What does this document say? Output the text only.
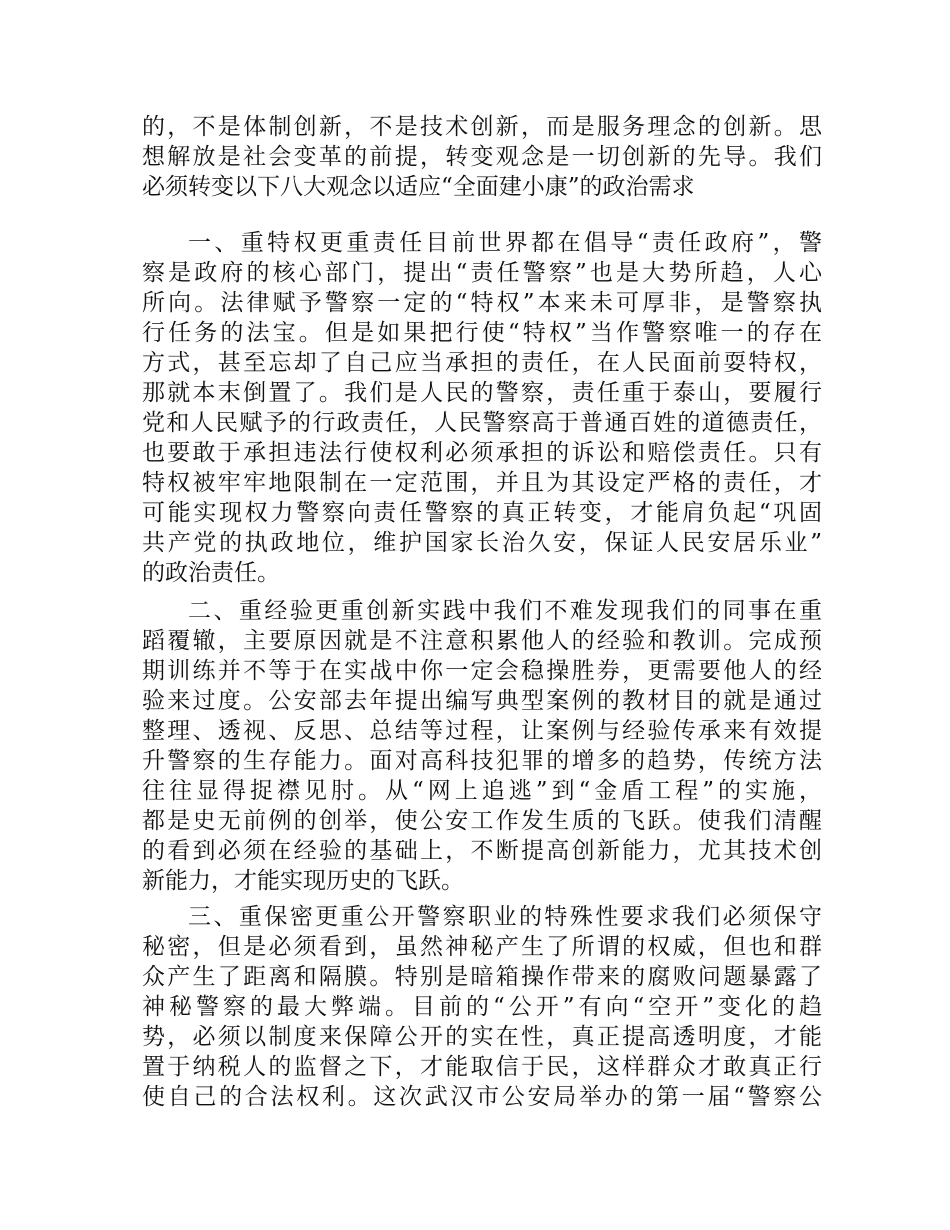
的，不是体制创新，不是技术创新，而是服务理念的创新。思
想解放是社会变革的前提，转变观念是一切创新的先导。我们
必须转变以下八大观念以适应“全面建小康”的政治需求
一、重特权更重责任目前世界都在倡导“责任政府”，警
察是政府的核心部门，提出“责任警察”也是大势所趋，人心
所向。法律赋予警察一定的“特权”本来未可厚非，是警察执
行任务的法宝。但是如果把行使“特权”当作警察唯一的存在
方式，甚至忘却了自己应当承担的责任，在人民面前耍特权，
那就本末倒置了。我们是人民的警察，责任重于泰山，要履行
党和人民赋予的行政责任，人民警察高于普通百姓的道德责任，
也要敢于承担违法行使权利必须承担的诉讼和赔偿责任。只有
特权被牢牢地限制在一定范围，并且为其设定严格的责任，才
可能实现权力警察向责任警察的真正转变，才能肩负起“巩固
共产党的执政地位，维护国家长治久安，保证人民安居乐业”
的政治责任。
二、重经验更重创新实践中我们不难发现我们的同事在重
蹈覆辙，主要原因就是不注意积累他人的经验和教训。完成预
期训练并不等于在实战中你一定会稳操胜券，更需要他人的经
验来过度。公安部去年提出编写典型案例的教材目的就是通过
整理、透视、反思、总结等过程，让案例与经验传承来有效提
升警察的生存能力。面对高科技犯罪的增多的趋势，传统方法
往往显得捉襟见肘。从“网上追逃”到“金盾工程”的实施，
都是史无前例的创举，使公安工作发生质的飞跃。使我们清醒
的看到必须在经验的基础上，不断提高创新能力，尤其技术创
新能力，才能实现历史的飞跃。
三、重保密更重公开警察职业的特殊性要求我们必须保守
秘密，但是必须看到，虽然神秘产生了所谓的权威，但也和群
众产生了距离和隔膜。特别是暗箱操作带来的腐败问题暴露了
神秘警察的最大弊端。目前的“公开”有向“空开”变化的趋
势，必须以制度来保障公开的实在性，真正提高透明度，才能
置于纳税人的监督之下，才能取信于民，这样群众才敢真正行
使自己的合法权利。这次武汉市公安局举办的第一届“警察公
